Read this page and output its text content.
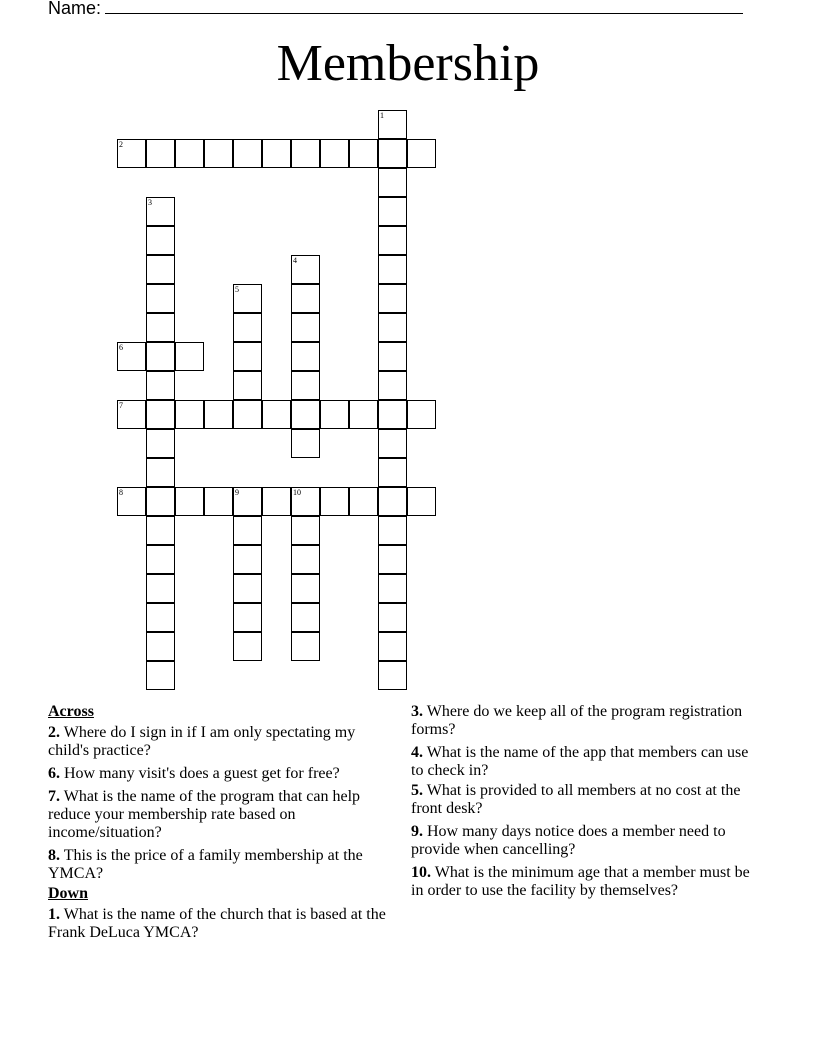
Name:
Membership
1
2
3
4
5
6
7
8	9	10
Across
2. Where do I sign in if I am only spectating my child's practice?
6. How many visit's does a guest get for free?
7. What is the name of the program that can help reduce your membership rate based on income/situation?
8. This is the price of a family membership at the YMCA?
Down
1. What is the name of the church that is based at the Frank DeLuca YMCA?
3. Where do we keep all of the program registration forms?
4. What is the name of the app that members can use to check in?
5. What is provided to all members at no cost at the front desk?
9. How many days notice does a member need to provide when cancelling?
10. What is the minimum age that a member must be in order to use the facility by themselves?
